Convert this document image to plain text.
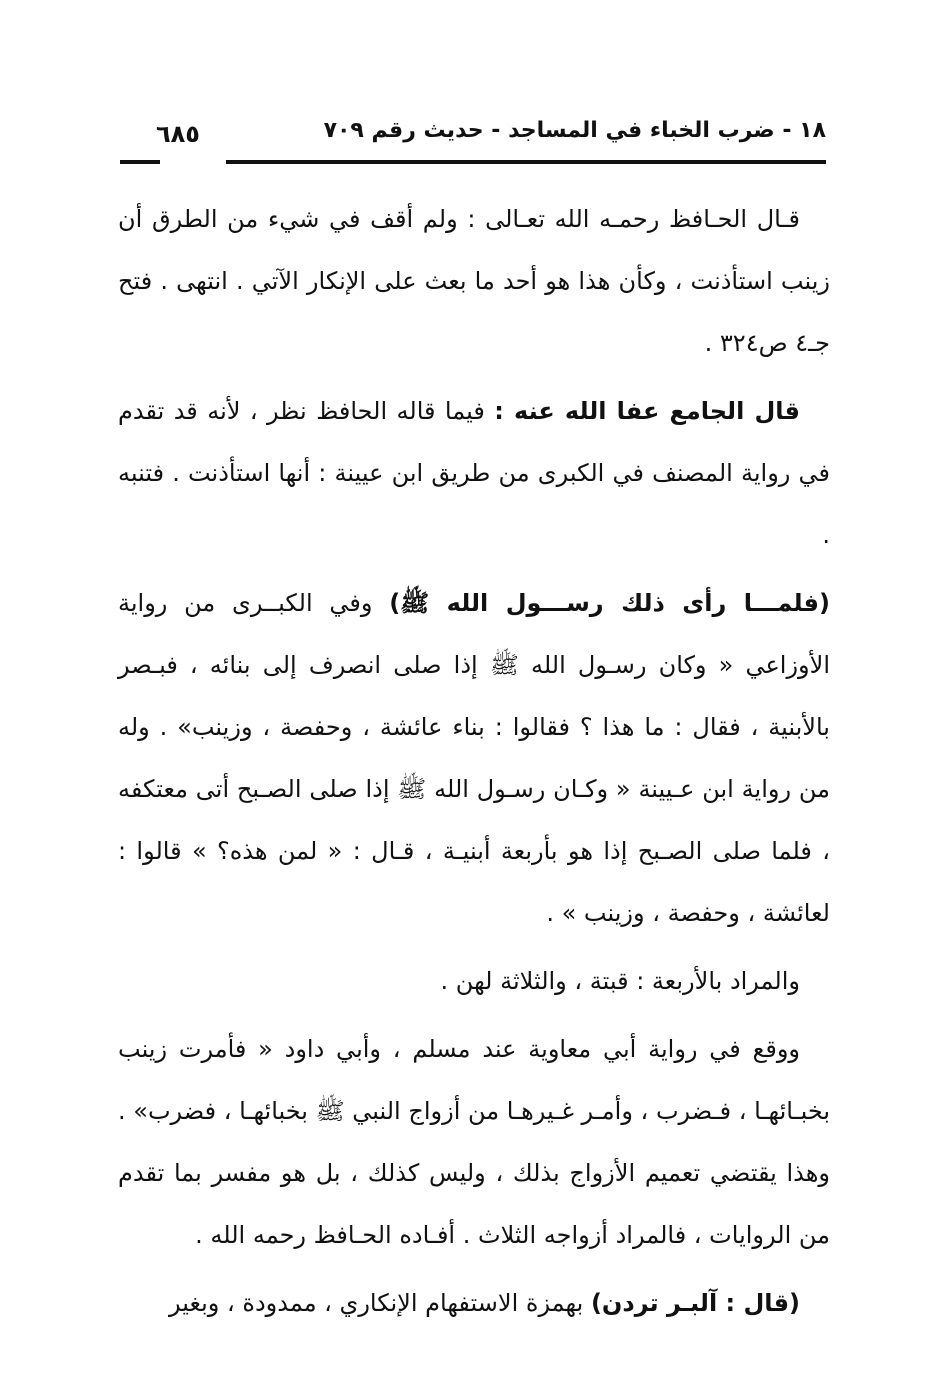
١٨ - ضرب الخباء في المساجد - حديث رقم ٧٠٩
٦٨٥

قـال الحـافظ رحمـه الله تعـالى : ولم أقف في شيء من الطرق أن زينب استأذنت ، وكأن هذا هو أحد ما بعث على الإنكار الآتي . انتهى . فتح جـ٤ ص٣٢٤ .

قال الجامع عفا الله عنه : فيما قاله الحافظ نظر ، لأنه قد تقدم في رواية المصنف في الكبرى من طريق ابن عيينة : أنها استأذنت . فتنبه .

(فلمـــا رأى ذلك رســـول الله ﷺ) وفي الكبــرى من رواية الأوزاعي « وكان رسـول الله ﷺ إذا صلى انصرف إلى بنائه ، فبـصر بالأبنية ، فقال : ما هذا ؟ فقالوا : بناء عائشة ، وحفصة ، وزينب» . وله من رواية ابن عـيينة « وكـان رسـول الله ﷺ إذا صلى الصـبح أتى معتكفه ، فلما صلى الصـبح إذا هو بأربعة أبنيـة ، قـال : « لمن هذه؟ » قالوا : لعائشة ، وحفصة ، وزينب » .

والمراد بالأربعة : قبتة ، والثلاثة لهن .

ووقع في رواية أبي معاوية عند مسلم ، وأبي داود « فأمرت زينب بخبـائهـا ، فـضرب ، وأمـر غـيرهـا من أزواج النبي ﷺ بخبائهـا ، فضرب» . وهذا يقتضي تعميم الأزواج بذلك ، وليس كذلك ، بل هو مفسر بما تقدم من الروايات ، فالمراد أزواجه الثلاث . أفـاده الحـافظ رحمه الله .

(قال : آلبـر تردن) بهمزة الاستفهام الإنكاري ، ممدودة ، وبغير
